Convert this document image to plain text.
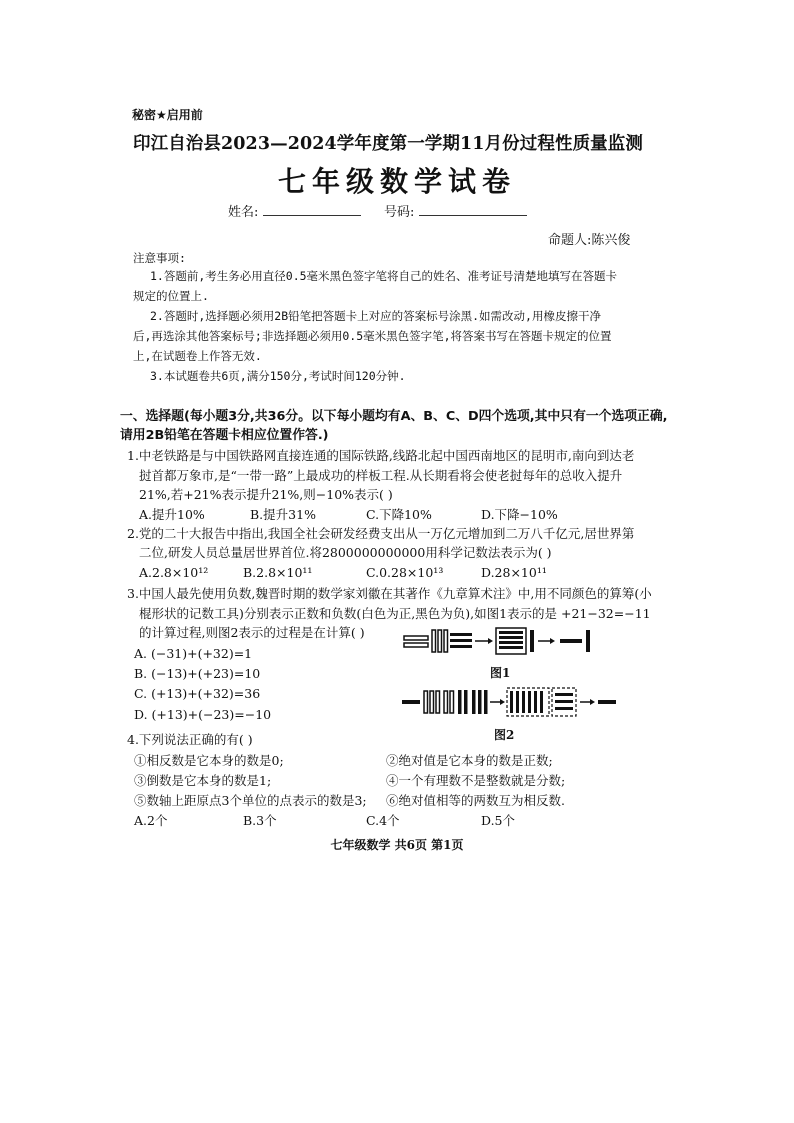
秘密★启用前
印江自治县2023—2024学年度第一学期11月份过程性质量监测
七年级数学试卷
姓名:	号码:
命题人:陈兴俊
注意事项:
1.答题前,考生务必用直径0.5毫米黑色签字笔将自己的姓名、准考证号清楚地填写在答题卡
规定的位置上.
2.答题时,选择题必须用2B铅笔把答题卡上对应的答案标号涂黑.如需改动,用橡皮擦干净
后,再选涂其他答案标号;非选择题必须用0.5毫米黑色签字笔,将答案书写在答题卡规定的位置
上,在试题卷上作答无效.
3.本试题卷共6页,满分150分,考试时间120分钟.
一、选择题(每小题3分,共36分。以下每小题均有A、B、C、D四个选项,其中只有一个选项正确,
请用2B铅笔在答题卡相应位置作答.)
1.中老铁路是与中国铁路网直接连通的国际铁路,线路北起中国西南地区的昆明市,南向到达老
挝首都万象市,是“一带一路”上最成功的样板工程.从长期看将会使老挝每年的总收入提升
21%,若+21%表示提升21%,则−10%表示( )
A.提升10%	B.提升31%	C.下降10%	D.下降−10%
2.党的二十大报告中指出,我国全社会研发经费支出从一万亿元增加到二万八千亿元,居世界第
二位,研发人员总量居世界首位.将2800000000000用科学记数法表示为( )
A.2.8×10¹²	B.2.8×10¹¹	C.0.28×10¹³	D.28×10¹¹
3.中国人最先使用负数,魏晋时期的数学家刘徽在其著作《九章算术注》中,用不同颜色的算筹(小
棍形状的记数工具)分别表示正数和负数(白色为正,黑色为负),如图1表示的是 +21−32=−11
的计算过程,则图2表示的过程是在计算( )
A. (−31)+(+32)=1
B. (−13)+(+23)=10
C. (+13)+(+32)=36
D. (+13)+(−23)=−10
图1
图2
4.下列说法正确的有( )
①相反数是它本身的数是0;	②绝对值是它本身的数是正数;
③倒数是它本身的数是1;	④一个有理数不是整数就是分数;
⑤数轴上距原点3个单位的点表示的数是3; ⑥绝对值相等的两数互为相反数.
A.2个	B.3个	C.4个	D.5个
七年级数学 共6页 第1页
